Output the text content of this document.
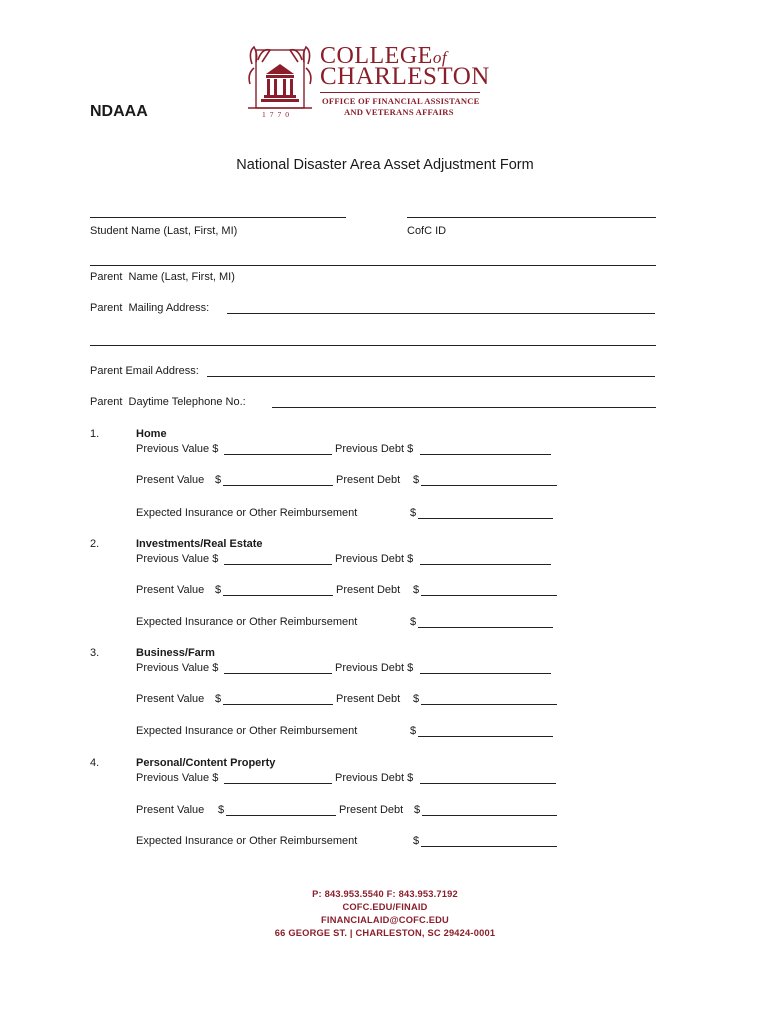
COLLEGEof
CHARLESTON
OFFICE OF FINANCIAL ASSISTANCE
AND VETERANS AFFAIRS
1770
NDAAA
National Disaster Area Asset Adjustment Form
Student Name (Last, First, MI)	CofC ID
Parent  Name (Last, First, MI)
Parent  Mailing Address:
Parent Email Address:
Parent  Daytime Telephone No.:
1.	Home
Previous Value $	Previous Debt $
Present Value $	Present Debt $
Expected Insurance or Other Reimbursement	$
2.	Investments/Real Estate
Previous Value $	Previous Debt $
Present Value $	Present Debt $
Expected Insurance or Other Reimbursement	$
3.	Business/Farm
Previous Value $	Previous Debt $
Present Value $	Present Debt $
Expected Insurance or Other Reimbursement	$
4.	Personal/Content Property
Previous Value $	Previous Debt $
Present Value $	Present Debt $
Expected Insurance or Other Reimbursement	$
P: 843.953.5540 F: 843.953.7192
COFC.EDU/FINAID
FINANCIALAID@COFC.EDU
66 GEORGE ST. | CHARLESTON, SC 29424-0001
